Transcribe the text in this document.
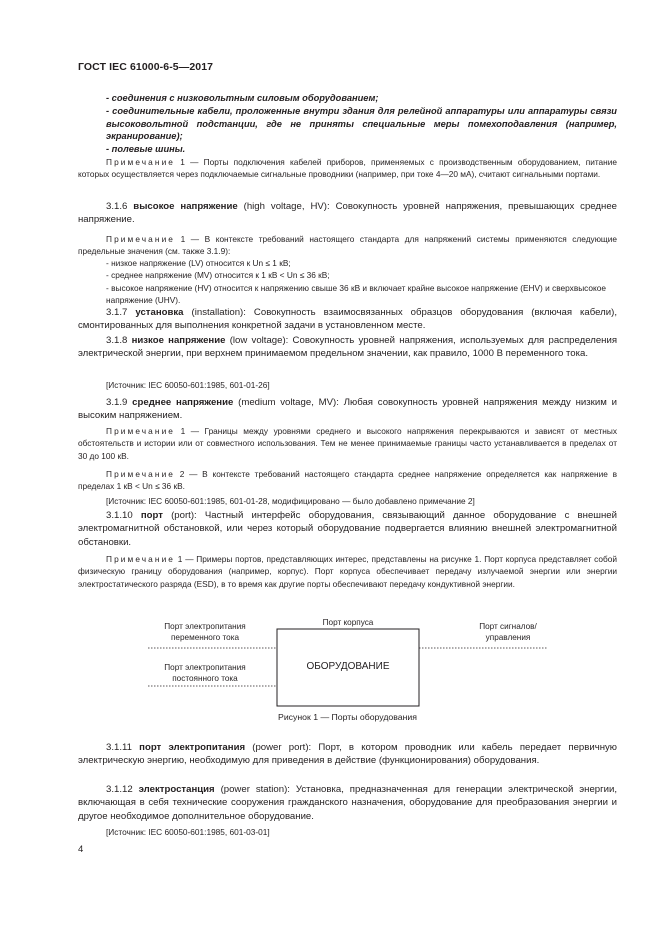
ГОСТ IEC 61000-6-5—2017
- соединения с низковольтным силовым оборудованием;
- соединительные кабели, проложенные внутри здания для релейной аппаратуры или аппаратуры связи высоковольтной подстанции, где не приняты специальные меры помехоподавления (например, экранирование);
- полевые шины.
Примечание 1 — Порты подключения кабелей приборов, применяемых с производственным оборудованием, питание которых осуществляется через подключаемые сигнальные проводники (например, при токе 4—20 мА), считают сигнальными портами.
3.1.6 высокое напряжение (high voltage, HV): Совокупность уровней напряжения, превышающих среднее напряжение.
Примечание 1 — В контексте требований настоящего стандарта для напряжений системы применяются следующие предельные значения (см. также 3.1.9):
- низкое напряжение (LV) относится к Un ≤ 1 кВ;
- среднее напряжение (MV) относится к 1 кВ < Un ≤ 36 кВ;
- высокое напряжение (HV) относится к напряжению свыше 36 кВ и включает крайне высокое напряжение (EHV) и сверхвысокое напряжение (UHV).
3.1.7 установка (installation): Совокупность взаимосвязанных образцов оборудования (включая кабели), смонтированных для выполнения конкретной задачи в установленном месте.
3.1.8 низкое напряжение (low voltage): Совокупность уровней напряжения, используемых для распределения электрической энергии, при верхнем принимаемом предельном значении, как правило, 1000 В переменного тока.
[Источник: IEC 60050-601:1985, 601-01-26]
3.1.9 среднее напряжение (medium voltage, MV): Любая совокупность уровней напряжения между низким и высоким напряжением.
Примечание 1 — Границы между уровнями среднего и высокого напряжения перекрываются и зависят от местных обстоятельств и истории или от совместного использования. Тем не менее принимаемые границы часто устанавливается в пределах от 30 до 100 кВ.
Примечание 2 — В контексте требований настоящего стандарта среднее напряжение определяется как напряжение в пределах 1 кВ < Un ≤ 36 кВ.
[Источник: IEC 60050-601:1985, 601-01-28, модифицировано — было добавлено примечание 2]
3.1.10 порт (port): Частный интерфейс оборудования, связывающий данное оборудование с внешней электромагнитной обстановкой, или через который оборудование подвергается влиянию внешней электромагнитной обстановки.
Примечание 1 — Примеры портов, представляющих интерес, представлены на рисунке 1. Порт корпуса представляет собой физическую границу оборудования (например, корпус). Порт корпуса обеспечивает передачу излучаемой энергии или энергии электростатического разряда (ESD), в то время как другие порты обеспечивают передачу кондуктивной энергии.
Порт электропитания
переменного тока
Порт корпуса	Порт сигналов/
управления
Порт электропитания
постоянного тока
ОБОРУДОВАНИЕ
Рисунок 1 — Порты оборудования
3.1.11 порт электропитания (power port): Порт, в котором проводник или кабель передает первичную электрическую энергию, необходимую для приведения в действие (функционирования) оборудования.
3.1.12 электростанция (power station): Установка, предназначенная для генерации электрической энергии, включающая в себя технические сооружения гражданского назначения, оборудование для преобразования энергии и другое необходимое дополнительное оборудование.
[Источник: IEC 60050-601:1985, 601-03-01]
4
